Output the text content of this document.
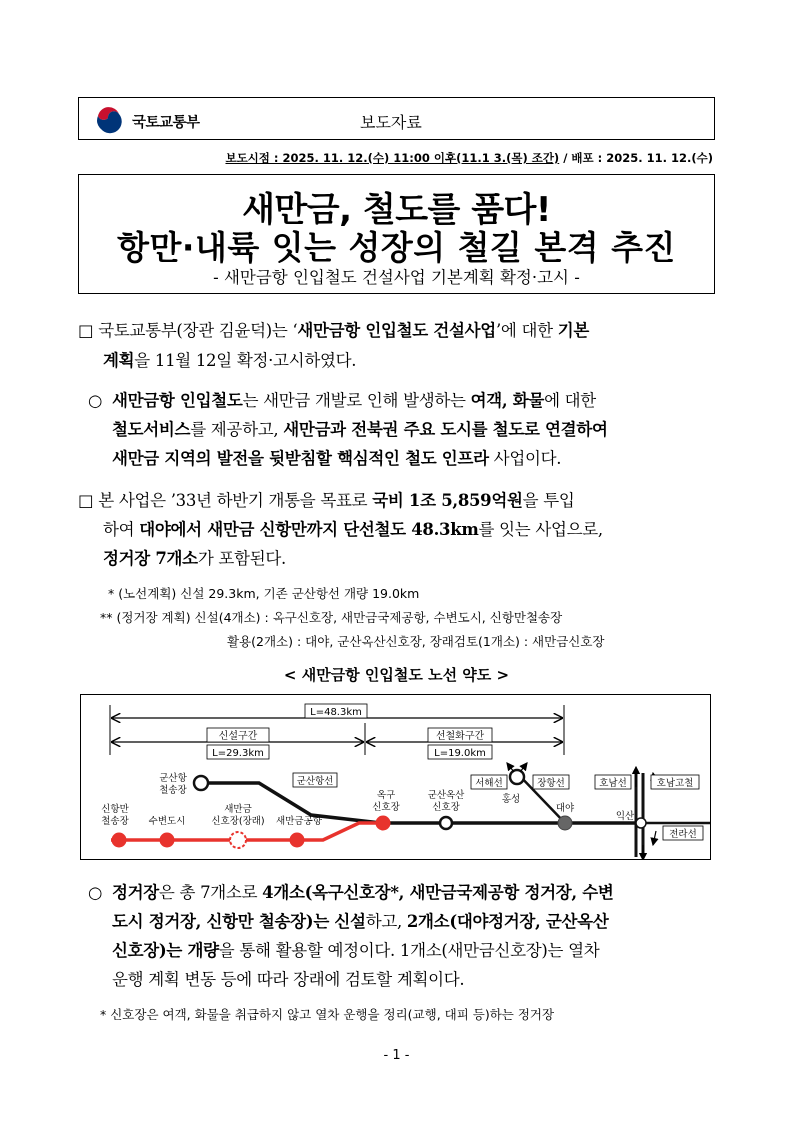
국토교통부	보도자료
보도시점 : 2025. 11. 12.(수) 11:00 이후(11.1 3.(목) 조간) / 배포 : 2025. 11. 12.(수)
새만금, 철도를 품다!
항만·내륙 잇는 성장의 철길 본격 추진
- 새만금항 인입철도 건설사업 기본계획 확정·고시 -
□ 국토교통부(장관 김윤덕)는 ‘새만금항 인입철도 건설사업’에 대한 기본
계획을 11월 12일 확정·고시하였다.
○ 새만금항 인입철도는 새만금 개발로 인해 발생하는 여객, 화물에 대한
철도서비스를 제공하고, 새만금과 전북권 주요 도시를 철도로 연결하여
새만금 지역의 발전을 뒷받침할 핵심적인 철도 인프라 사업이다.
□ 본 사업은 ’33년 하반기 개통을 목표로 국비 1조 5,859억원을 투입
하여 대야에서 새만금 신항만까지 단선철도 48.3km를 잇는 사업으로,
정거장 7개소가 포함된다.
* (노선계획) 신설 29.3km, 기존 군산항선 개량 19.0km
** (정거장 계획) 신설(4개소) : 옥구신호장, 새만금국제공항, 수변도시, 신항만철송장
활용(2개소) : 대야, 군산옥산신호장, 장래검토(1개소) : 새만금신호장
< 새만금항 인입철도 노선 약도 >
L=48.3km
신설구간
L=29.3km
선철화구간
L=19.0km
군산항
철송장
신항만
철송장 수변도시
새만금
신호장(장래) 새만금공항
옥구
신호장
군산옥산
신호장	대야
익산
군산항선	서해선	장항선
홍성
호남선	호남고철
전라선
○ 정거장은 총 7개소로 4개소(옥구신호장*, 새만금국제공항 정거장, 수변
도시 정거장, 신항만 철송장)는 신설하고, 2개소(대야정거장, 군산옥산
신호장)는 개량을 통해 활용할 예정이다. 1개소(새만금신호장)는 열차
운행 계획 변동 등에 따라 장래에 검토할 계획이다.
* 신호장은 여객, 화물을 취급하지 않고 열차 운행을 정리(교행, 대피 등)하는 정거장
- 1 -
